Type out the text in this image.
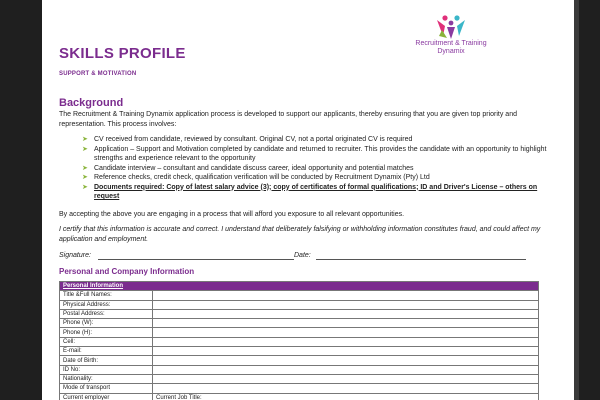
SKILLS PROFILE
SUPPORT & MOTIVATION
Recruitment & Training
Dynamix
Background
The Recruitment & Training Dynamix application process is developed to support our applicants, thereby ensuring that you are given top priority and representation. This process involves:
➤ CV received from candidate, reviewed by consultant. Original CV, not a portal originated CV is required
➤ Application – Support and Motivation completed by candidate and returned to recruiter. This provides the candidate with an opportunity to highlight strengths and experience relevant to the opportunity
➤ Candidate interview – consultant and candidate discuss career, ideal opportunity and potential matches
➤ Reference checks, credit check, qualification verification will be conducted by Recruitment Dynamix (Pty) Ltd
➤ Documents required: Copy of latest salary advice (3); copy of certificates of formal qualifications; ID and Driver's License – others on request
By accepting the above you are engaging in a process that will afford you exposure to all relevant opportunities.
I certify that this information is accurate and correct. I understand that deliberately falsifying or withholding information constitutes fraud, and could affect my application and employment.
Signature:	Date:
Personal and Company Information
Personal Information	
Title &Full Names:	
Physical Address:	
Postal Address:	
Phone (W):	
Phone (H):	
Cell:	
E-mail:	
Date of Birth:	
ID No:	
Nationality:	
Mode of transport	
Current employer	Current Job Title:
